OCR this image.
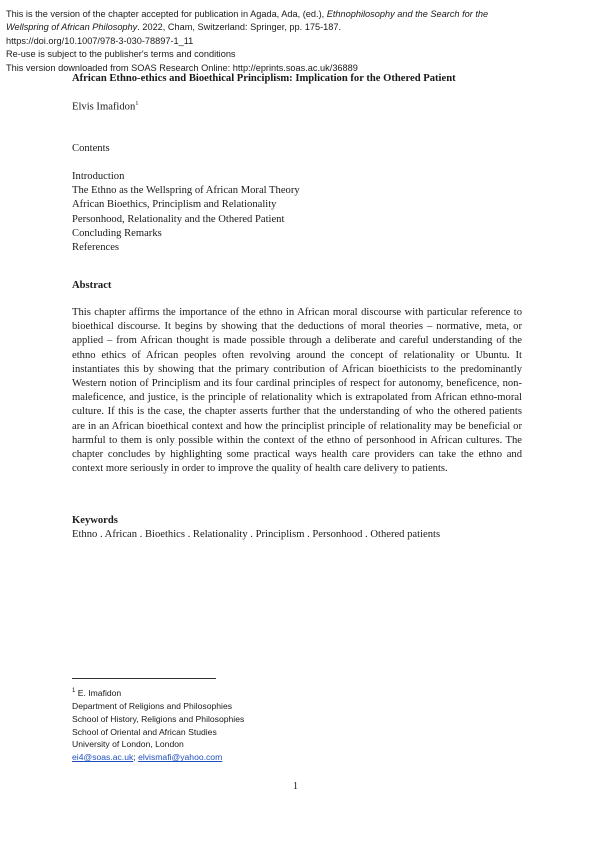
This is the version of the chapter accepted for publication in Agada, Ada, (ed.), Ethnophilosophy and the Search for the
Wellspring of African Philosophy. 2022, Cham, Switzerland: Springer, pp. 175-187.
https://doi.org/10.1007/978-3-030-78897-1_11
Re-use is subject to the publisher's terms and conditions
This version downloaded from SOAS Research Online: http://eprints.soas.ac.uk/36889
African Ethno-ethics and Bioethical Principlism: Implication for the Othered Patient
Elvis Imafidon$^1$
Contents
Introduction
The Ethno as the Wellspring of African Moral Theory
African Bioethics, Principlism and Relationality
Personhood, Relationality and the Othered Patient
Concluding Remarks
References
Abstract
This chapter affirms the importance of the ethno in African moral discourse with particular reference to bioethical discourse. It begins by showing that the deductions of moral theories – normative, meta, or applied – from African thought is made possible through a deliberate and careful understanding of the ethno ethics of African peoples often revolving around the concept of relationality or Ubuntu. It instantiates this by showing that the primary contribution of African bioethicists to the predominantly Western notion of Principlism and its four cardinal principles of respect for autonomy, beneficence, non-maleficence, and justice, is the principle of relationality which is extrapolated from African ethno-moral culture. If this is the case, the chapter asserts further that the understanding of who the othered patients are in an African bioethical context and how the principlist principle of relationality may be beneficial or harmful to them is only possible within the context of the ethno of personhood in African cultures. The chapter concludes by highlighting some practical ways health care providers can take the ethno and context more seriously in order to improve the quality of health care delivery to patients.
Keywords
Ethno . African . Bioethics . Relationality . Principlism . Personhood . Othered patients
$^1$ E. Imafidon
Department of Religions and Philosophies
School of History, Religions and Philosophies
School of Oriental and African Studies
University of London, London
ei4@soas.ac.uk; elvismafi@yahoo.com
1
